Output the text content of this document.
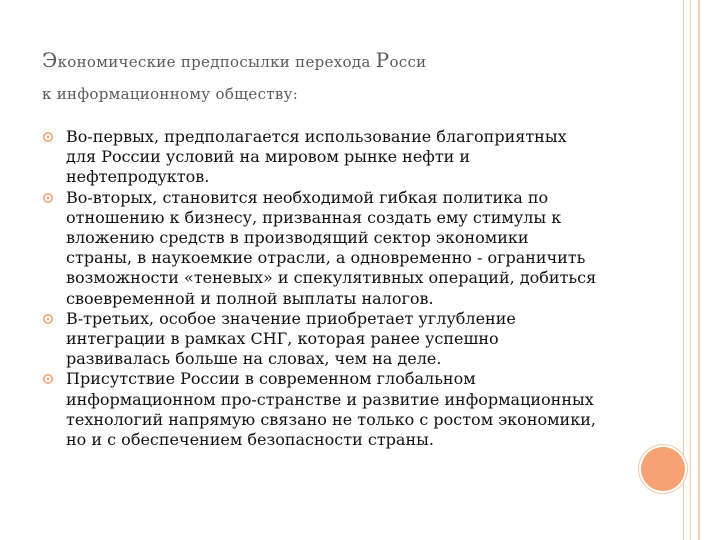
Экономические предпосылки перехода Росси
к информационному обществу:
Во-первых, предполагается использование благоприятных для России условий на мировом рынке нефти и нефтепродуктов.
Во-вторых, становится необходимой гибкая политика по отношению к бизнесу, призванная создать ему стимулы к вложению средств в производящий сектор экономики страны, в наукоемкие отрасли, а одновременно - ограничить возможности «теневых» и спекулятивных операций, добиться своевременной и полной выплаты налогов.
В-третьих, особое значение приобретает углубление интеграции в рамках СНГ, которая ранее успешно развивалась больше на словах, чем на деле.
Присутствие России в современном глобальном информационном про-странстве и развитие информационных технологий напрямую связано не только с ростом экономики, но и с обеспечением безопасности страны.
